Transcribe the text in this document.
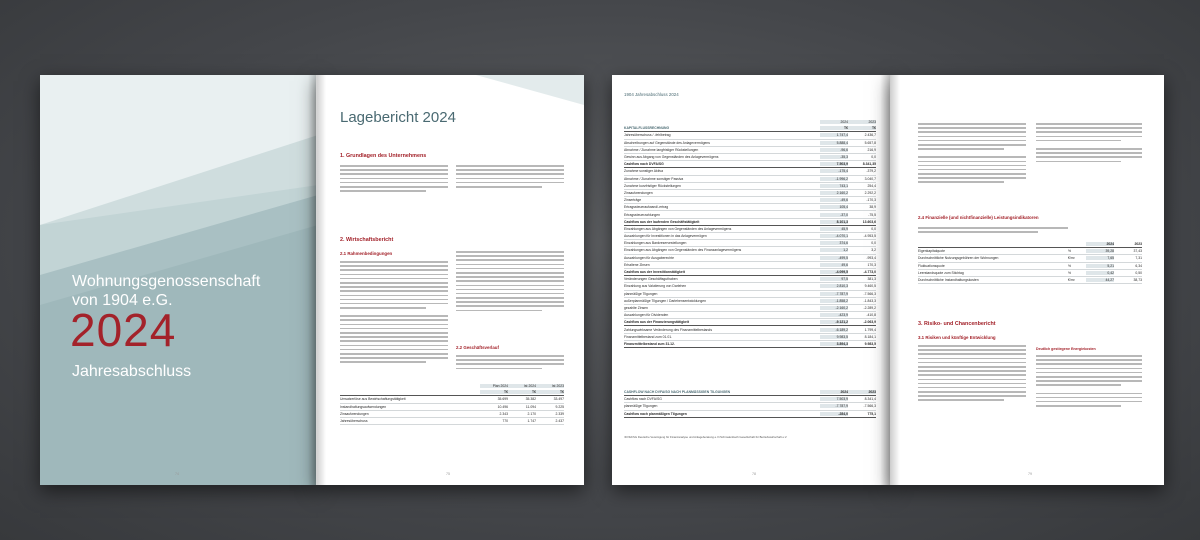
Wohnungsgenossenschaft
von 1904 e.G.
2024
Jahresabschluss
74
Lagebericht 2024
1. Grundlagen des Unternehmens
2. Wirtschaftsbericht
2.1 Rahmenbedingungen
2.2 Geschäftsverlauf
Plan 2024	Ist 2024	Ist 2023
T€	T€	T€
Umsatzerlöse aus Bewirtschaftungstätigkeit	35.699	35.382	33.497
Instandhaltungsaufwendungen	10.496	11.094	9.225
Zinsaufwendungen	2.343	2.170	2.339
Jahresüberschuss	770	1.747	2.437
75
1904 Jahresabschluss 2024
2024	2023
KAPITALFLUSSRECHNUNG	T€	T€
Jahresüberschuss / -fehlbetrag	1.747,4	2.436,7
Abschreibungen auf Gegenstände des Anlagevermögens	5.888,4	5.657,8
Abnahme / Zunahme langfristiger Rückstellungen	-96,6	216,9
Gewinn aus Abgang von Gegenständen des Anlagevermögens	-35,3	0,0
Cashflow nach DVFA/SG	7.503,9	8.341,35
Zunahme sonstiger Aktiva	-175,4	-379,2
Abnahme / Zunahme sonstiger Passiva	-1.996,2	3.040,7
Zunahme kurzfristiger Rückstellungen	743,1	254,4
Zinsaufwendungen	2.160,2	2.292,2
Zinserträge	-49,6	-170,3
Ertragssteueraufwand/-ertrag	105,4	38,9
Ertragssteuerzahlungen	-37,0	-75,5
Cashflow aus der laufenden Geschäftstätigkeit	8.101,3	13.603,6
Einzahlungen aus Abgängen von Gegenständen des Anlagevermögens	45,9	0,0
Auszahlungen für Investitionen in das Anlagevermögen	-4.070,1	-4.953,5
Einzahlungen aus Bankreservestellungen	374,6	0,0
Einzahlungen aus Abgängen von Gegenständen des Finanzanlagevermögens	1,2	3,2
Auszahlungen für Ausgaberechte	-499,5	-993,4
Erhaltene Zinsen	49,6	170,3
Cashflow aus der Investitionstätigkeit	-4.099,5	-4.773,0
Veränderungen Geschäftsguthaben	97,5	381,3
Einzahlung aus Valutierung von Darlehen	2.810,3	9.460,5
planmäßige Tilgungen	-7.787,9	-7.566,3
außerplanmäßige Tilgungen / Darlehensentwicklungen	-1.858,2	-1.843,3
gezahlte Zinsen	-2.160,2	-2.289,2
Auszahlungen für Dividenden	-423,9	-410,8
Cashflow aus der Finanzierungstätigkeit	-9.121,2	-2.063,9
Zahlungswirksame Veränderung des Finanzmittelbestands	-6.189,2	1.799,4
Finanzmittelbestand zum 01.01.	9.983,5	8.184,1
Finanzmittelbestand zum 31.12.	3.894,3	9.983,5
CASHFLOW NACH DVFA/SG NACH PLANMÄSSIGEN TILGUNGEN	2024	2023
Cashflow nach DVFA/SG	7.503,9	8.341,4
planmäßige Tilgungen	-7.787,9	-7.566,3
Cashflow nach planmäßigen Tilgungen	-284,0	775,1
¹DVFA/SG Deutsche Vereinigung für Finanzanalyse und Anlageberatung e.V./Schmalenbach Gesellschaft für Betriebswirtschaft e.V.
78
2.4 Finanzielle (und nichtfinanzielle) Leistungsindikatoren
2024	2023
Eigenkapitalquote	%	39,28	37,43
Durchschnittliche Nutzungsgebühren der Wohnungen	€/m²	7,65	7,31
Fluktuationsquote	%	5,21	6,34
Leerstandsquote zum Stichtag	%	0,42	0,50
Durchschnittliche Instandhaltungskosten	€/m²	44,27	38,73
3. Risiko- und Chancenbericht
3.1 Risiken und künftige Entwicklung
Deutlich gestiegene Energiekosten
79
